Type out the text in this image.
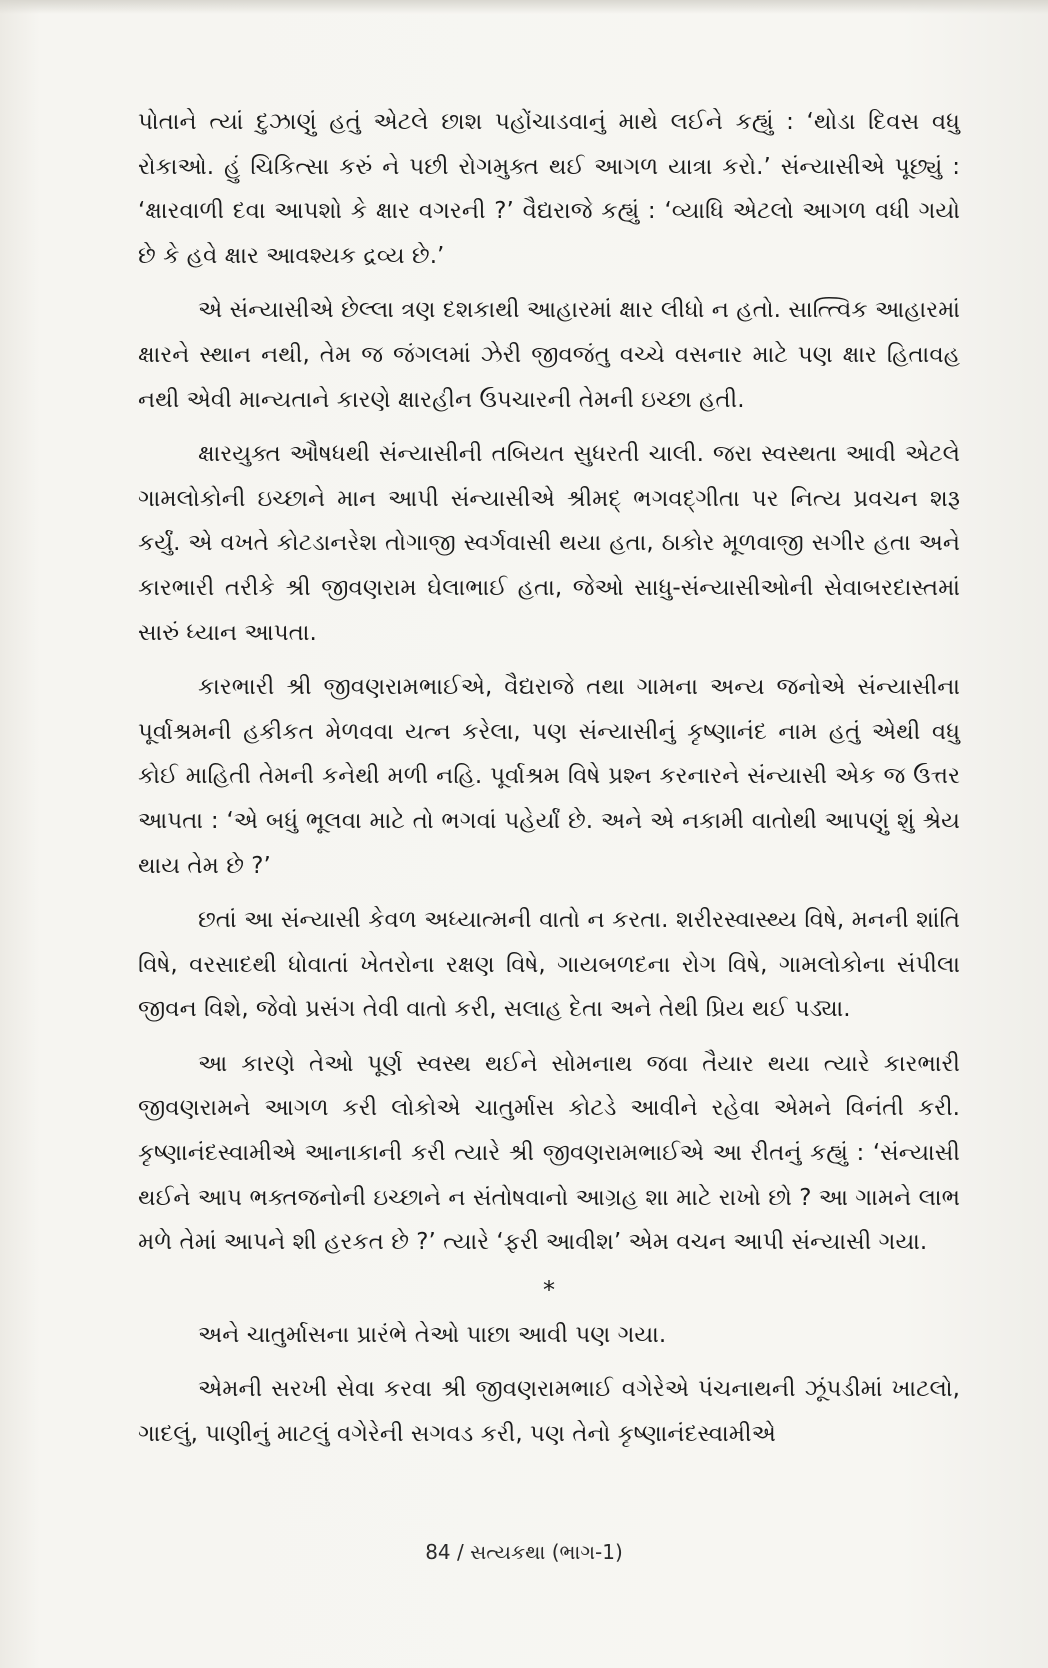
પોતાને ત્યાં દુઝાણું હતું એટલે છાશ પહોંચાડવાનું માથે લઈને કહ્યું : ‘થોડા દિવસ વધુ રોકાઓ. હું ચિકિત્સા કરું ને પછી રોગમુક્ત થઈ આગળ યાત્રા કરો.’ સંન્યાસીએ પૂછ્યું : ‘ક્ષારવાળી દવા આપશો કે ક્ષાર વગરની ?’ વૈદ્યરાજે કહ્યું : ‘વ્યાધિ એટલો આગળ વધી ગયો છે કે હવે ક્ષાર આવશ્યક દ્રવ્ય છે.’

એ સંન્યાસીએ છેલ્લા ત્રણ દશકાથી આહારમાં ક્ષાર લીધો ન હતો. સાત્ત્વિક આહારમાં ક્ષારને સ્થાન નથી, તેમ જ જંગલમાં ઝેરી જીવજંતુ વચ્ચે વસનાર માટે પણ ક્ષાર હિતાવહ નથી એવી માન્યતાને કારણે ક્ષારહીન ઉપચારની તેમની ઇચ્છા હતી.

ક્ષારયુક્ત ઔષધથી સંન્યાસીની તબિયત સુધરતી ચાલી. જરા સ્વસ્થતા આવી એટલે ગામલોકોની ઇચ્છાને માન આપી સંન્યાસીએ શ્રીમદ્ ભગવદ્ગીતા પર નિત્ય પ્રવચન શરૂ કર્યું. એ વખતે કોટડાનરેશ તોગાજી સ્વર્ગવાસી થયા હતા, ઠાકોર મૂળવાજી સગીર હતા અને કારભારી તરીકે શ્રી જીવણરામ ઘેલાભાઈ હતા, જેઓ સાધુ-સંન્યાસીઓની સેવાબરદાસ્તમાં સારું ધ્યાન આપતા.

કારભારી શ્રી જીવણરામભાઈએ, વૈદ્યરાજે તથા ગામના અન્ય જનોએ સંન્યાસીના પૂર્વાશ્રમની હકીકત મેળવવા યત્ન કરેલા, પણ સંન્યાસીનું કૃષ્ણાનંદ નામ હતું એથી વધુ કોઈ માહિતી તેમની કનેથી મળી નહિ. પૂર્વાશ્રમ વિષે પ્રશ્ન કરનારને સંન્યાસી એક જ ઉત્તર આપતા : ‘એ બધું ભૂલવા માટે તો ભગવાં પહેર્યાં છે. અને એ નકામી વાતોથી આપણું શું શ્રેય થાય તેમ છે ?’

છતાં આ સંન્યાસી કેવળ અધ્યાત્મની વાતો ન કરતા. શરીરસ્વાસ્થ્ય વિષે, મનની શાંતિ વિષે, વરસાદથી ધોવાતાં ખેતરોના રક્ષણ વિષે, ગાયબળદના રોગ વિષે, ગામલોકોના સંપીલા જીવન વિશે, જેવો પ્રસંગ તેવી વાતો કરી, સલાહ દેતા અને તેથી પ્રિય થઈ પડ્યા.

આ કારણે તેઓ પૂર્ણ સ્વસ્થ થઈને સોમનાથ જવા તૈયાર થયા ત્યારે કારભારી જીવણરામને આગળ કરી લોકોએ ચાતુર્માસ કોટડે આવીને રહેવા એમને વિનંતી કરી. કૃષ્ણાનંદસ્વામીએ આનાકાની કરી ત્યારે શ્રી જીવણરામભાઈએ આ રીતનું કહ્યું : ‘સંન્યાસી થઈને આપ ભક્તજનોની ઇચ્છાને ન સંતોષવાનો આગ્રહ શા માટે રાખો છો ? આ ગામને લાભ મળે તેમાં આપને શી હરકત છે ?’ ત્યારે ‘ફરી આવીશ’ એમ વચન આપી સંન્યાસી ગયા.

*

અને ચાતુર્માસના પ્રારંભે તેઓ પાછા આવી પણ ગયા.

એમની સરખી સેવા કરવા શ્રી જીવણરામભાઈ વગેરેએ પંચનાથની ઝૂંપડીમાં ખાટલો, ગાદલું, પાણીનું માટલું વગેરેની સગવડ કરી, પણ તેનો કૃષ્ણાનંદસ્વામીએ

84 / સત્યકથા (ભાગ-1)
